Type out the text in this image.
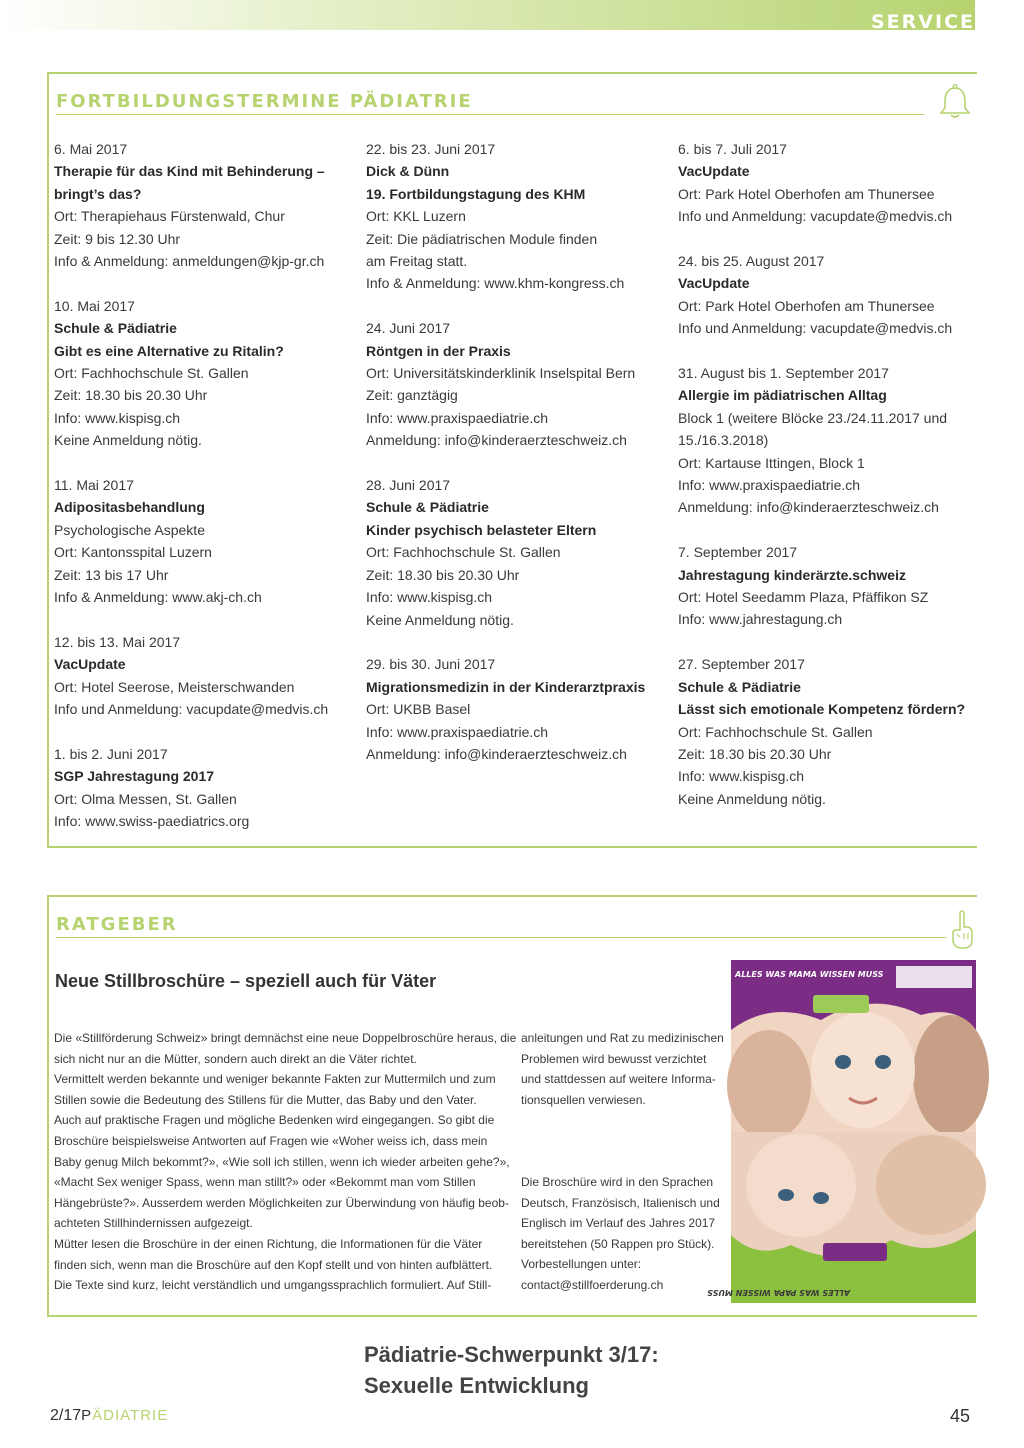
SERVICE
FORTBILDUNGSTERMINE PÄDIATRIE
6. Mai 2017
Therapie für das Kind mit Behinderung –
bringt’s das?
Ort: Therapiehaus Fürstenwald, Chur
Zeit: 9 bis 12.30 Uhr
Info & Anmeldung: anmeldungen@kjp-gr.ch
10. Mai 2017
Schule & Pädiatrie
Gibt es eine Alternative zu Ritalin?
Ort: Fachhochschule St. Gallen
Zeit: 18.30 bis 20.30 Uhr
Info: www.kispisg.ch
Keine Anmeldung nötig.
11. Mai 2017
Adipositasbehandlung
Psychologische Aspekte
Ort: Kantonsspital Luzern
Zeit: 13 bis 17 Uhr
Info & Anmeldung: www.akj-ch.ch
12. bis 13. Mai 2017
VacUpdate
Ort: Hotel Seerose, Meisterschwanden
Info und Anmeldung: vacupdate@medvis.ch
1. bis 2. Juni 2017
SGP Jahrestagung 2017
Ort: Olma Messen, St. Gallen
Info: www.swiss-paediatrics.org
22. bis 23. Juni 2017
Dick & Dünn
19. Fortbildungstagung des KHM
Ort: KKL Luzern
Zeit: Die pädiatrischen Module finden
am Freitag statt.
Info & Anmeldung: www.khm-kongress.ch
24. Juni 2017
Röntgen in der Praxis
Ort: Universitätskinderklinik Inselspital Bern
Zeit: ganztägig
Info: www.praxispaediatrie.ch
Anmeldung: info@kinderaerzteschweiz.ch
28. Juni 2017
Schule & Pädiatrie
Kinder psychisch belasteter Eltern
Ort: Fachhochschule St. Gallen
Zeit: 18.30 bis 20.30 Uhr
Info: www.kispisg.ch
Keine Anmeldung nötig.
29. bis 30. Juni 2017
Migrationsmedizin in der Kinderarztpraxis
Ort: UKBB Basel
Info: www.praxispaediatrie.ch
Anmeldung: info@kinderaerzteschweiz.ch
6. bis 7. Juli 2017
VacUpdate
Ort: Park Hotel Oberhofen am Thunersee
Info und Anmeldung: vacupdate@medvis.ch
24. bis 25. August 2017
VacUpdate
Ort: Park Hotel Oberhofen am Thunersee
Info und Anmeldung: vacupdate@medvis.ch
31. August bis 1. September 2017
Allergie im pädiatrischen Alltag
Block 1 (weitere Blöcke 23./24.11.2017 und
15./16.3.2018)
Ort: Kartause Ittingen, Block 1
Info: www.praxispaediatrie.ch
Anmeldung: info@kinderaerzteschweiz.ch
7. September 2017
Jahrestagung kinderärzte.schweiz
Ort: Hotel Seedamm Plaza, Pfäffikon SZ
Info: www.jahrestagung.ch
27. September 2017
Schule & Pädiatrie
Lässt sich emotionale Kompetenz fördern?
Ort: Fachhochschule St. Gallen
Zeit: 18.30 bis 20.30 Uhr
Info: www.kispisg.ch
Keine Anmeldung nötig.
RATGEBER
Neue Stillbroschüre – speziell auch für Väter
Die «Stillförderung Schweiz» bringt demnächst eine neue Doppelbroschüre heraus, die
sich nicht nur an die Mütter, sondern auch direkt an die Väter richtet.
Vermittelt werden bekannte und weniger bekannte Fakten zur Muttermilch und zum
Stillen sowie die Bedeutung des Stillens für die Mutter, das Baby und den Vater.
Auch auf praktische Fragen und mögliche Bedenken wird eingegangen. So gibt die
Broschüre beispielsweise Antworten auf Fragen wie «Woher weiss ich, dass mein
Baby genug Milch bekommt?», «Wie soll ich stillen, wenn ich wieder arbeiten gehe?»,
«Macht Sex weniger Spass, wenn man stillt?» oder «Bekommt man vom Stillen
Hängebrüste?». Ausserdem werden Möglichkeiten zur Überwindung von häufig beob-
achteten Stillhindernissen aufgezeigt.
Mütter lesen die Broschüre in der einen Richtung, die Informationen für die Väter
finden sich, wenn man die Broschüre auf den Kopf stellt und von hinten aufblättert.
Die Texte sind kurz, leicht verständlich und umgangssprachlich formuliert. Auf Still-
anleitungen und Rat zu medizinischen
Problemen wird bewusst verzichtet
und stattdessen auf weitere Informa-
tionsquellen verwiesen.
Die Broschüre wird in den Sprachen
Deutsch, Französisch, Italienisch und
Englisch im Verlauf des Jahres 2017
bereitstehen (50 Rappen pro Stück).
Vorbestellungen unter:
contact@stillfoerderung.ch
ALLES WAS MAMA WISSEN MUSS
ALLES WAS PAPA WISSEN MUSS
Pädiatrie-Schwerpunkt 3/17:
Sexuelle Entwicklung
2/17PÄDIATRIE	45
